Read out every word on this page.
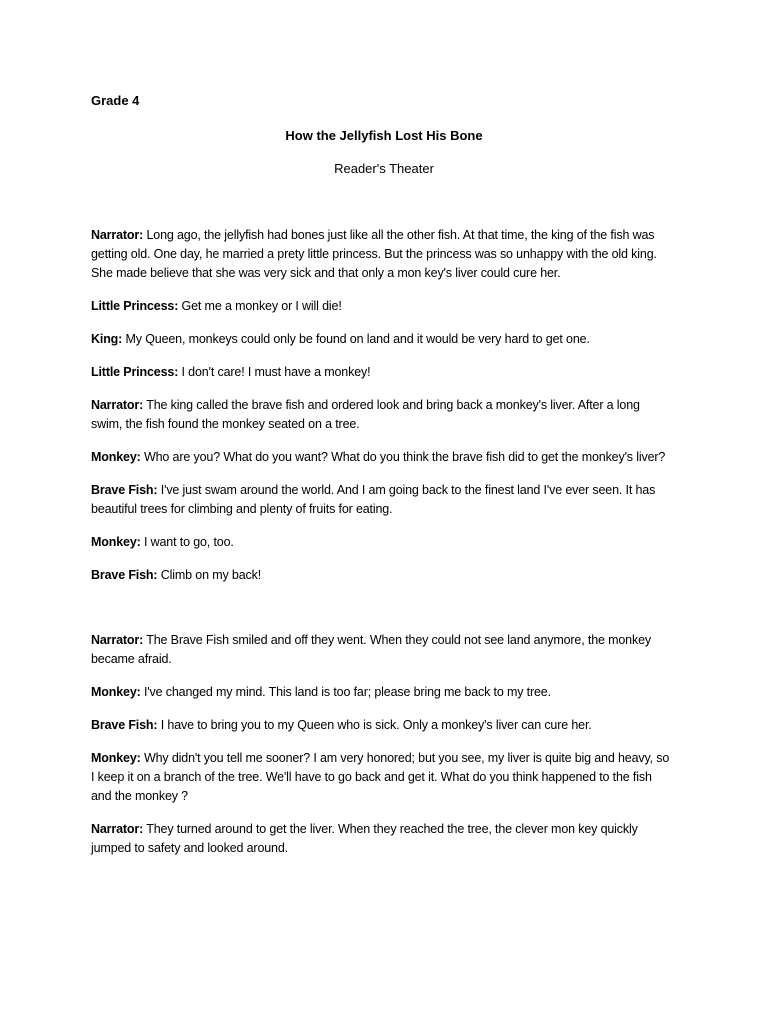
Grade 4
How the Jellyfish Lost His Bone
Reader's Theater

Narrator: Long ago, the jellyfish had bones just like all the other fish. At that time, the king of the fish was getting old. One day, he married a prety little princess. But the princess was so unhappy with the old king. She made believe that she was very sick and that only a mon key's liver could cure her.

Little Princess: Get me a monkey or I will die!

King: My Queen, monkeys could only be found on land and it would be very hard to get one.

Little Princess: I don't care! I must have a monkey!

Narrator: The king called the brave fish and ordered look and bring back a monkey's liver. After a long swim, the fish found the monkey seated on a tree.

Monkey: Who are you? What do you want? What do you think the brave fish did to get the monkey's liver?

Brave Fish: I've just swam around the world. And I am going back to the finest land I've ever seen. It has beautiful trees for climbing and plenty of fruits for eating.

Monkey: I want to go, too.

Brave Fish: Climb on my back!

Narrator: The Brave Fish smiled and off they went. When they could not see land anymore, the monkey became afraid.

Monkey: I've changed my mind. This land is too far; please bring me back to my tree.

Brave Fish: I have to bring you to my Queen who is sick. Only a monkey's liver can cure her.

Monkey: Why didn't you tell me sooner? I am very honored; but you see, my liver is quite big and heavy, so I keep it on a branch of the tree. We'll have to go back and get it. What do you think happened to the fish and the monkey ?

Narrator: They turned around to get the liver. When they reached the tree, the clever mon key quickly jumped to safety and looked around.
